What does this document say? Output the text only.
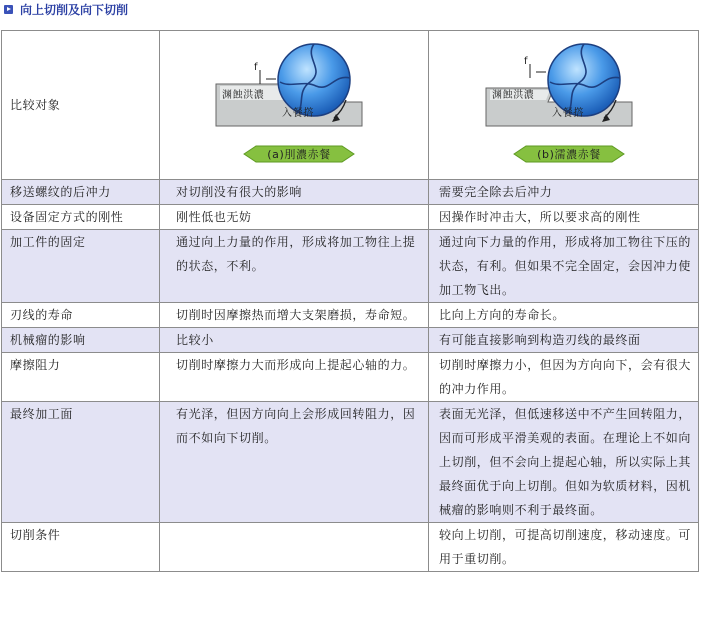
向上切削及向下切削
比较对象	f
渊蝕洪濃
入餐撘
(a)刖濃赤餐	f
渊蝕洪濃
入餐撘
(b)濡濃赤餐

移送螺纹的后冲力	对切削没有很大的影响	需要完全除去后冲力
设备固定方式的刚性	刚性低也无妨	因操作时冲击大，所以要求高的刚性
加工件的固定	通过向上力量的作用，形成将加工物往上提的状态，不利。	通过向下力量的作用，形成将加工物往下压的状态，有利。但如果不完全固定，会因冲力使加工物飞出。
刃线的寿命	切削时因摩擦热而增大支架磨损，寿命短。	比向上方向的寿命长。
机械瘤的影响	比较小	有可能直接影响到构造刃线的最终面
摩擦阻力	切削时摩擦力大而形成向上提起心轴的力。	切削时摩擦力小，但因为方向向下，会有很大的冲力作用。
最终加工面	有光泽，但因方向向上会形成回转阻力，因而不如向下切削。	表面无光泽，但低速移送中不产生回转阻力，因而可形成平滑美观的表面。在理论上不如向上切削，但不会向上提起心轴，所以实际上其最终面优于向上切削。但如为软质材料，因机械瘤的影响则不利于最终面。
切削条件		较向上切削，可提高切削速度，移动速度。可用于重切削。
